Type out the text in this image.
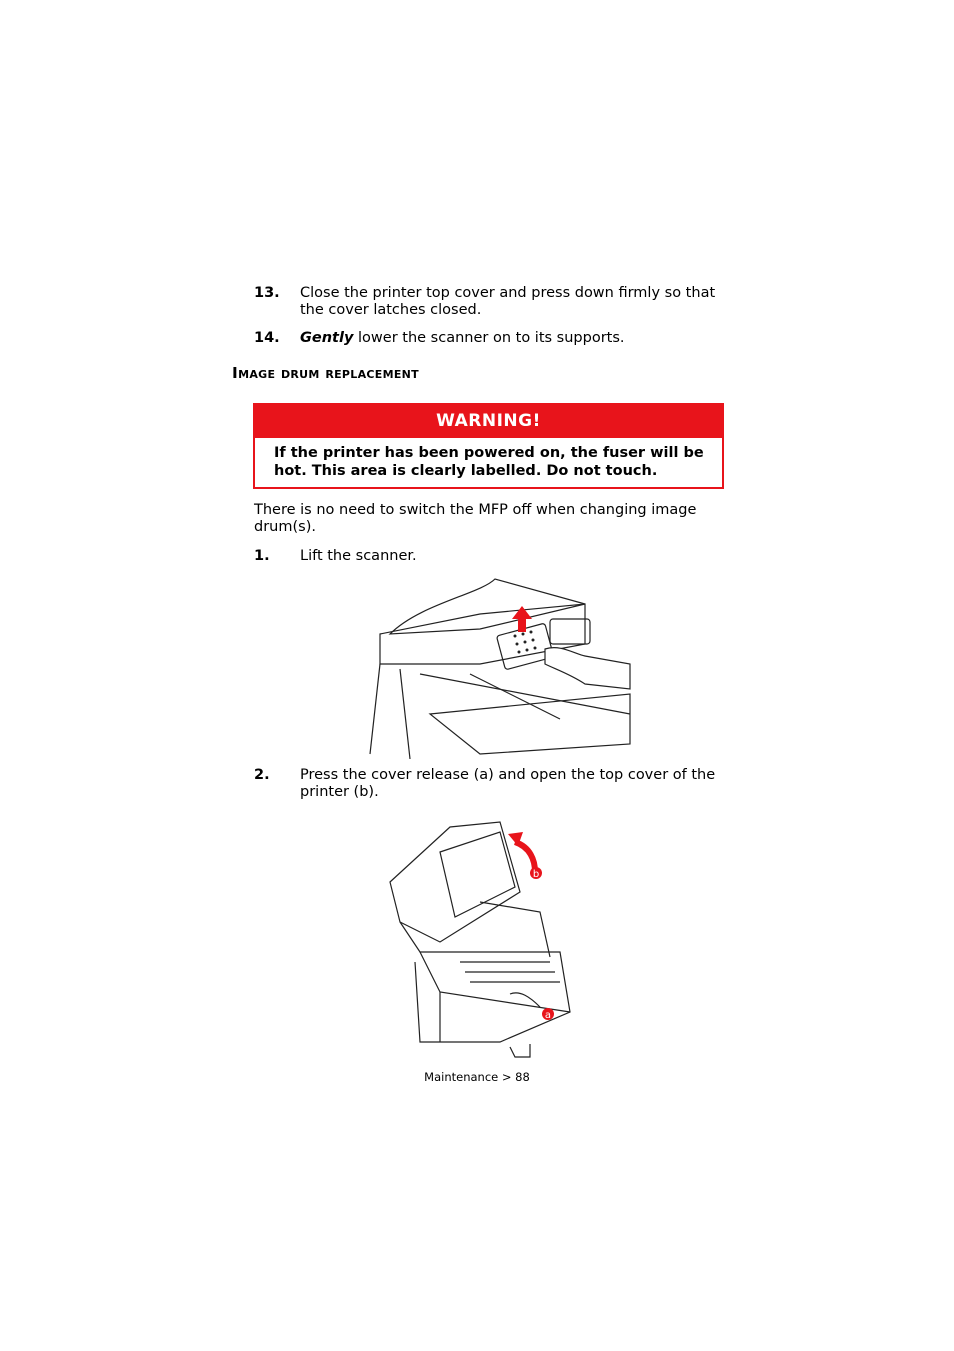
13. Close the printer top cover and press down firmly so that the cover latches closed.
14. Gently lower the scanner on to its supports.
Image drum replacement
WARNING!
If the printer has been powered on, the fuser will be hot. This area is clearly labelled. Do not touch.
There is no need to switch the MFP off when changing image drum(s).
1. Lift the scanner.
2. Press the cover release (a) and open the top cover of the printer (b).
b
a
Maintenance > 88
